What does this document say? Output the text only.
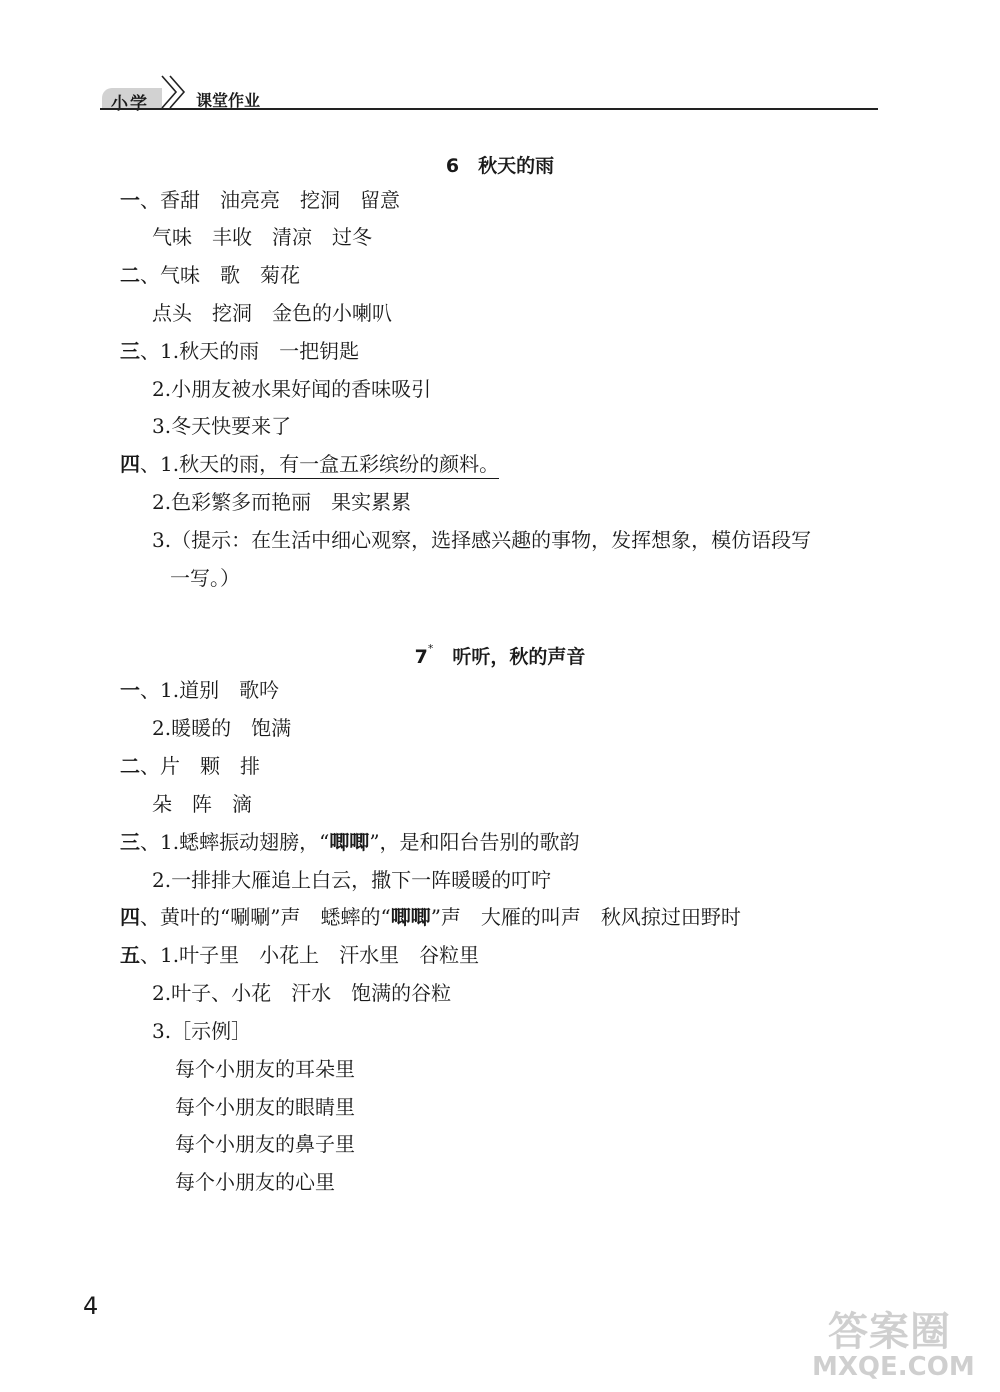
小学	课堂作业
6　秋天的雨
一、香甜　油亮亮　挖洞　留意
气味　丰收　清凉　过冬
二、气味　歌　菊花
点头　挖洞　金色的小喇叭
三、1.秋天的雨　一把钥匙
2.小朋友被水果好闻的香味吸引
3.冬天快要来了
四、1.秋天的雨，有一盒五彩缤纷的颜料。
2.色彩繁多而艳丽　果实累累
3.（提示：在生活中细心观察，选择感兴趣的事物，发挥想象，模仿语段写
一写。）
7*　听听，秋的声音
一、1.道别　歌吟
2.暖暖的　饱满
二、片　颗　排
朵　阵　滴
三、1.蟋蟀振动翅膀，“唧唧”，是和阳台告别的歌韵
2.一排排大雁追上白云，撒下一阵暖暖的叮咛
四、黄叶的“唰唰”声　蟋蟀的“唧唧”声　大雁的叫声　秋风掠过田野时
五、1.叶子里　小花上　汗水里　谷粒里
2.叶子、小花　汗水　饱满的谷粒
3.［示例］
每个小朋友的耳朵里
每个小朋友的眼睛里
每个小朋友的鼻子里
每个小朋友的心里
4
答案圈
MXQE.COM
